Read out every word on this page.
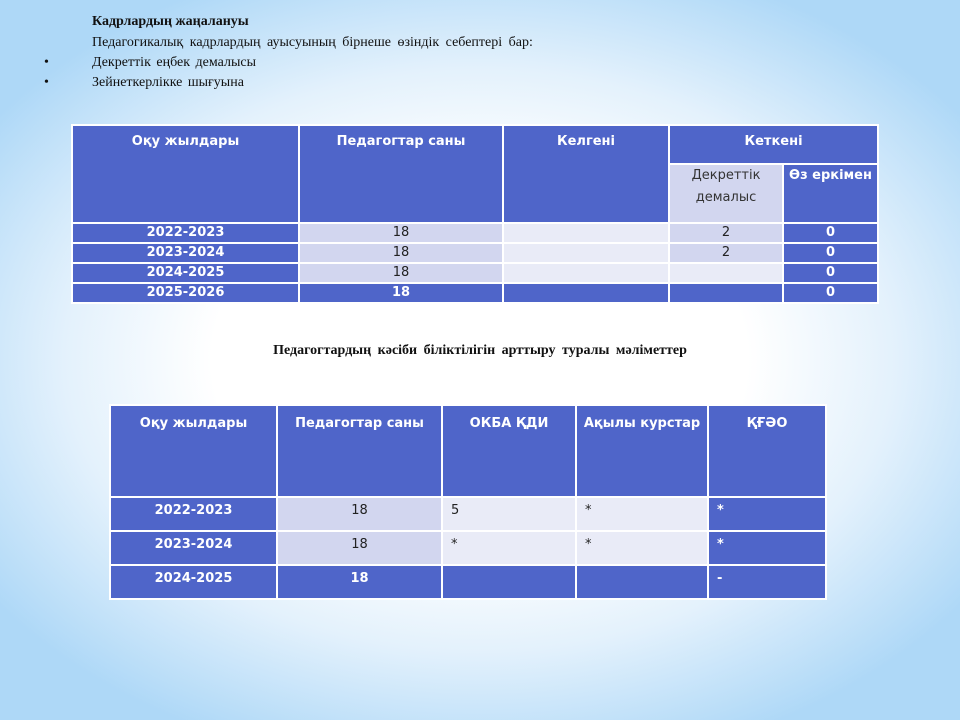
Кадрлардың жаңалануы
Педагогикалық кадрлардың ауысуының бірнеше өзіндік себептері бар:
•	Декреттік еңбек демалысы
•	Зейнеткерлікке шығуына
Оқу жылдары	Педагогтар саны	Келгені	Кеткені	
			Декреттік демалыс	Өз еркімен
2022-2023	18		2	0
2023-2024	18		2	0
2024-2025	18			0
2025-2026	18			0
Педагогтардың кәсіби біліктілігін арттыру туралы мәліметтер
Оқу жылдары	Педагогтар саны	ОКБА ҚДИ	Ақылы курстар	ҚҒӘО
2022-2023	18	5	*	*
2023-2024	18	*	*	*
2024-2025	18			-
